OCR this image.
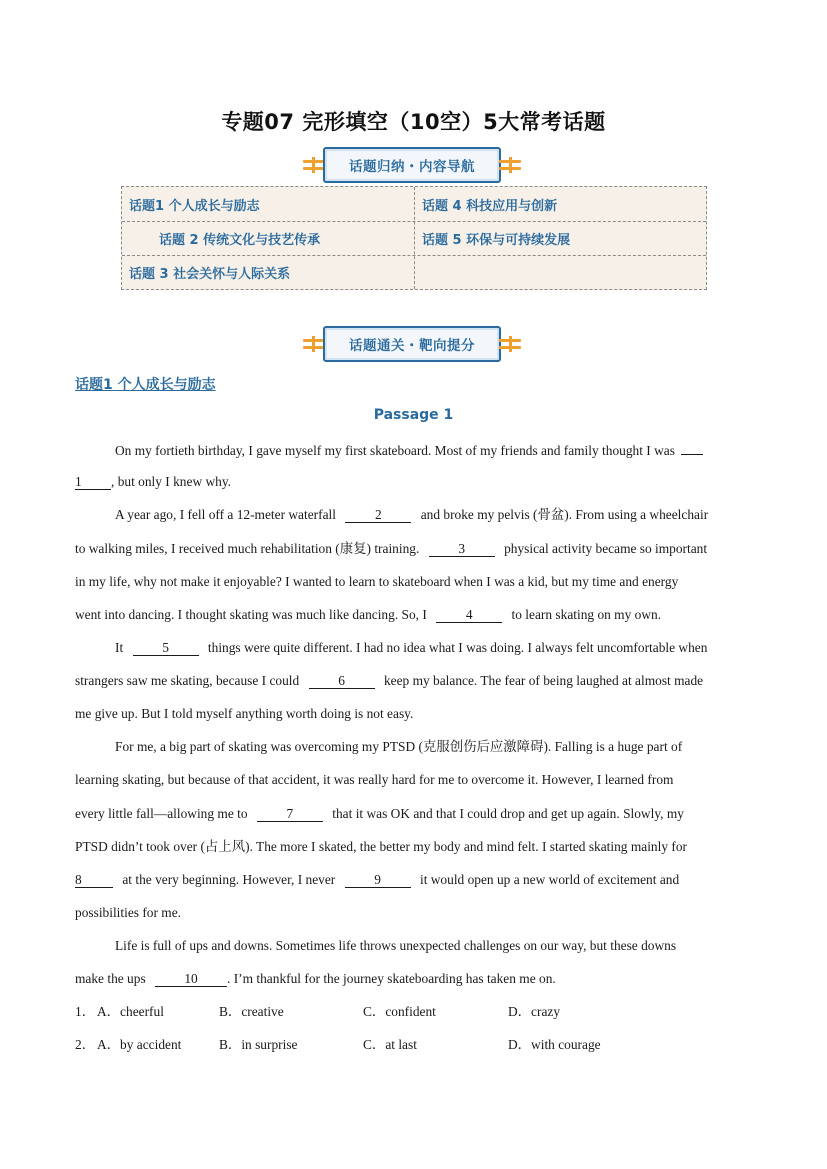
专题07 完形填空（10空）5大常考话题
话题归纳・内容导航
话题1 个人成长与励志	话题 4 科技应用与创新
话题 2 传统文化与技艺传承	话题 5 环保与可持续发展
话题 3 社会关怀与人际关系
话题通关・靶向提分
话题1 个人成长与励志
Passage 1
On my fortieth birthday, I gave myself my first skateboard. Most of my friends and family thought I was
1 , but only I knew why.
A year ago, I fell off a 12-meter waterfall	2	and broke my pelvis (骨盆). From using a wheelchair
to walking miles, I received much rehabilitation (康复) training.	3	physical activity became so important
in my life, why not make it enjoyable? I wanted to learn to skateboard when I was a kid, but my time and energy
went into dancing. I thought skating was much like dancing. So, I	4	to learn skating on my own.
It	5	things were quite different. I had no idea what I was doing. I always felt uncomfortable when
strangers saw me skating, because I could	6	keep my balance. The fear of being laughed at almost made
me give up. But I told myself anything worth doing is not easy.
For me, a big part of skating was overcoming my PTSD (克服创伤后应激障碍). Falling is a huge part of
learning skating, but because of that accident, it was really hard for me to overcome it. However, I learned from
every little fall—allowing me to	7	that it was OK and that I could drop and get up again. Slowly, my
PTSD didn’t took over (占上风). The more I skated, the better my body and mind felt. I started skating mainly for
8	at the very beginning. However, I never	9	it would open up a new world of excitement and
possibilities for me.
Life is full of ups and downs. Sometimes life throws unexpected challenges on our way, but these downs
make the ups	10 . I’m thankful for the journey skateboarding has taken me on.
1． A．cheerful	B．creative	C．confident	D．crazy
2． A．by accident	B．in surprise	C．at last	D．with courage
